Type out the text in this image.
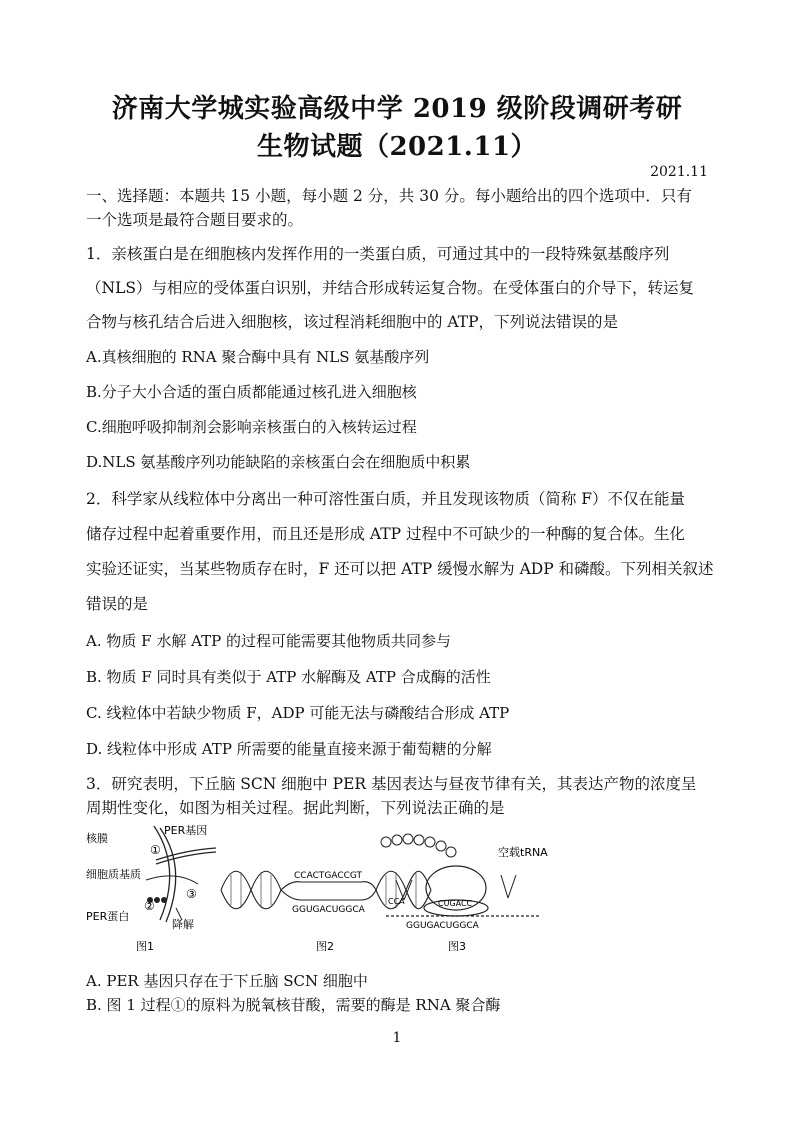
济南大学城实验高级中学 2019 级阶段调研考研
生物试题（2021.11）
2021.11
一、选择题：本题共 15 小题，每小题 2 分，共 30 分。每小题给出的四个选项中．只有
一个选项是最符合题目要求的。
1．亲核蛋白是在细胞核内发挥作用的一类蛋白质，可通过其中的一段特殊氨基酸序列
（NLS）与相应的受体蛋白识别，并结合形成转运复合物。在受体蛋白的介导下，转运复
合物与核孔结合后进入细胞核，该过程消耗细胞中的 ATP，下列说法错误的是
A.真核细胞的 RNA 聚合酶中具有 NLS 氨基酸序列
B.分子大小合适的蛋白质都能通过核孔进入细胞核
C.细胞呼吸抑制剂会影响亲核蛋白的入核转运过程
D.NLS 氨基酸序列功能缺陷的亲核蛋白会在细胞质中积累
2．科学家从线粒体中分离出一种可溶性蛋白质，并且发现该物质（简称 F）不仅在能量
储存过程中起着重要作用，而且还是形成 ATP 过程中不可缺少的一种酶的复合体。生化
实验还证实，当某些物质存在时，F 还可以把 ATP 缓慢水解为 ADP 和磷酸。下列相关叙述
错误的是
A. 物质 F 水解 ATP 的过程可能需要其他物质共同参与
B. 物质 F 同时具有类似于 ATP 水解酶及 ATP 合成酶的活性
C. 线粒体中若缺少物质 F，ADP 可能无法与磷酸结合形成 ATP
D. 线粒体中形成 ATP 所需要的能量直接来源于葡萄糖的分解
3．研究表明，下丘脑 SCN 细胞中 PER 基因表达与昼夜节律有关，其表达产物的浓度呈
周期性变化，如图为相关过程。据此判断，下列说法正确的是
核膜
PER基因
细胞质基质
PER蛋白
降解
①
②
③
图1
CCACTGACCGT
GGUGACUGGCA
图2
空载tRNA
CUGACC
CCA
GGUGACUGGCA
图3
A. PER 基因只存在于下丘脑 SCN 细胞中
B. 图 1 过程①的原料为脱氧核苷酸，需要的酶是 RNA 聚合酶
1
